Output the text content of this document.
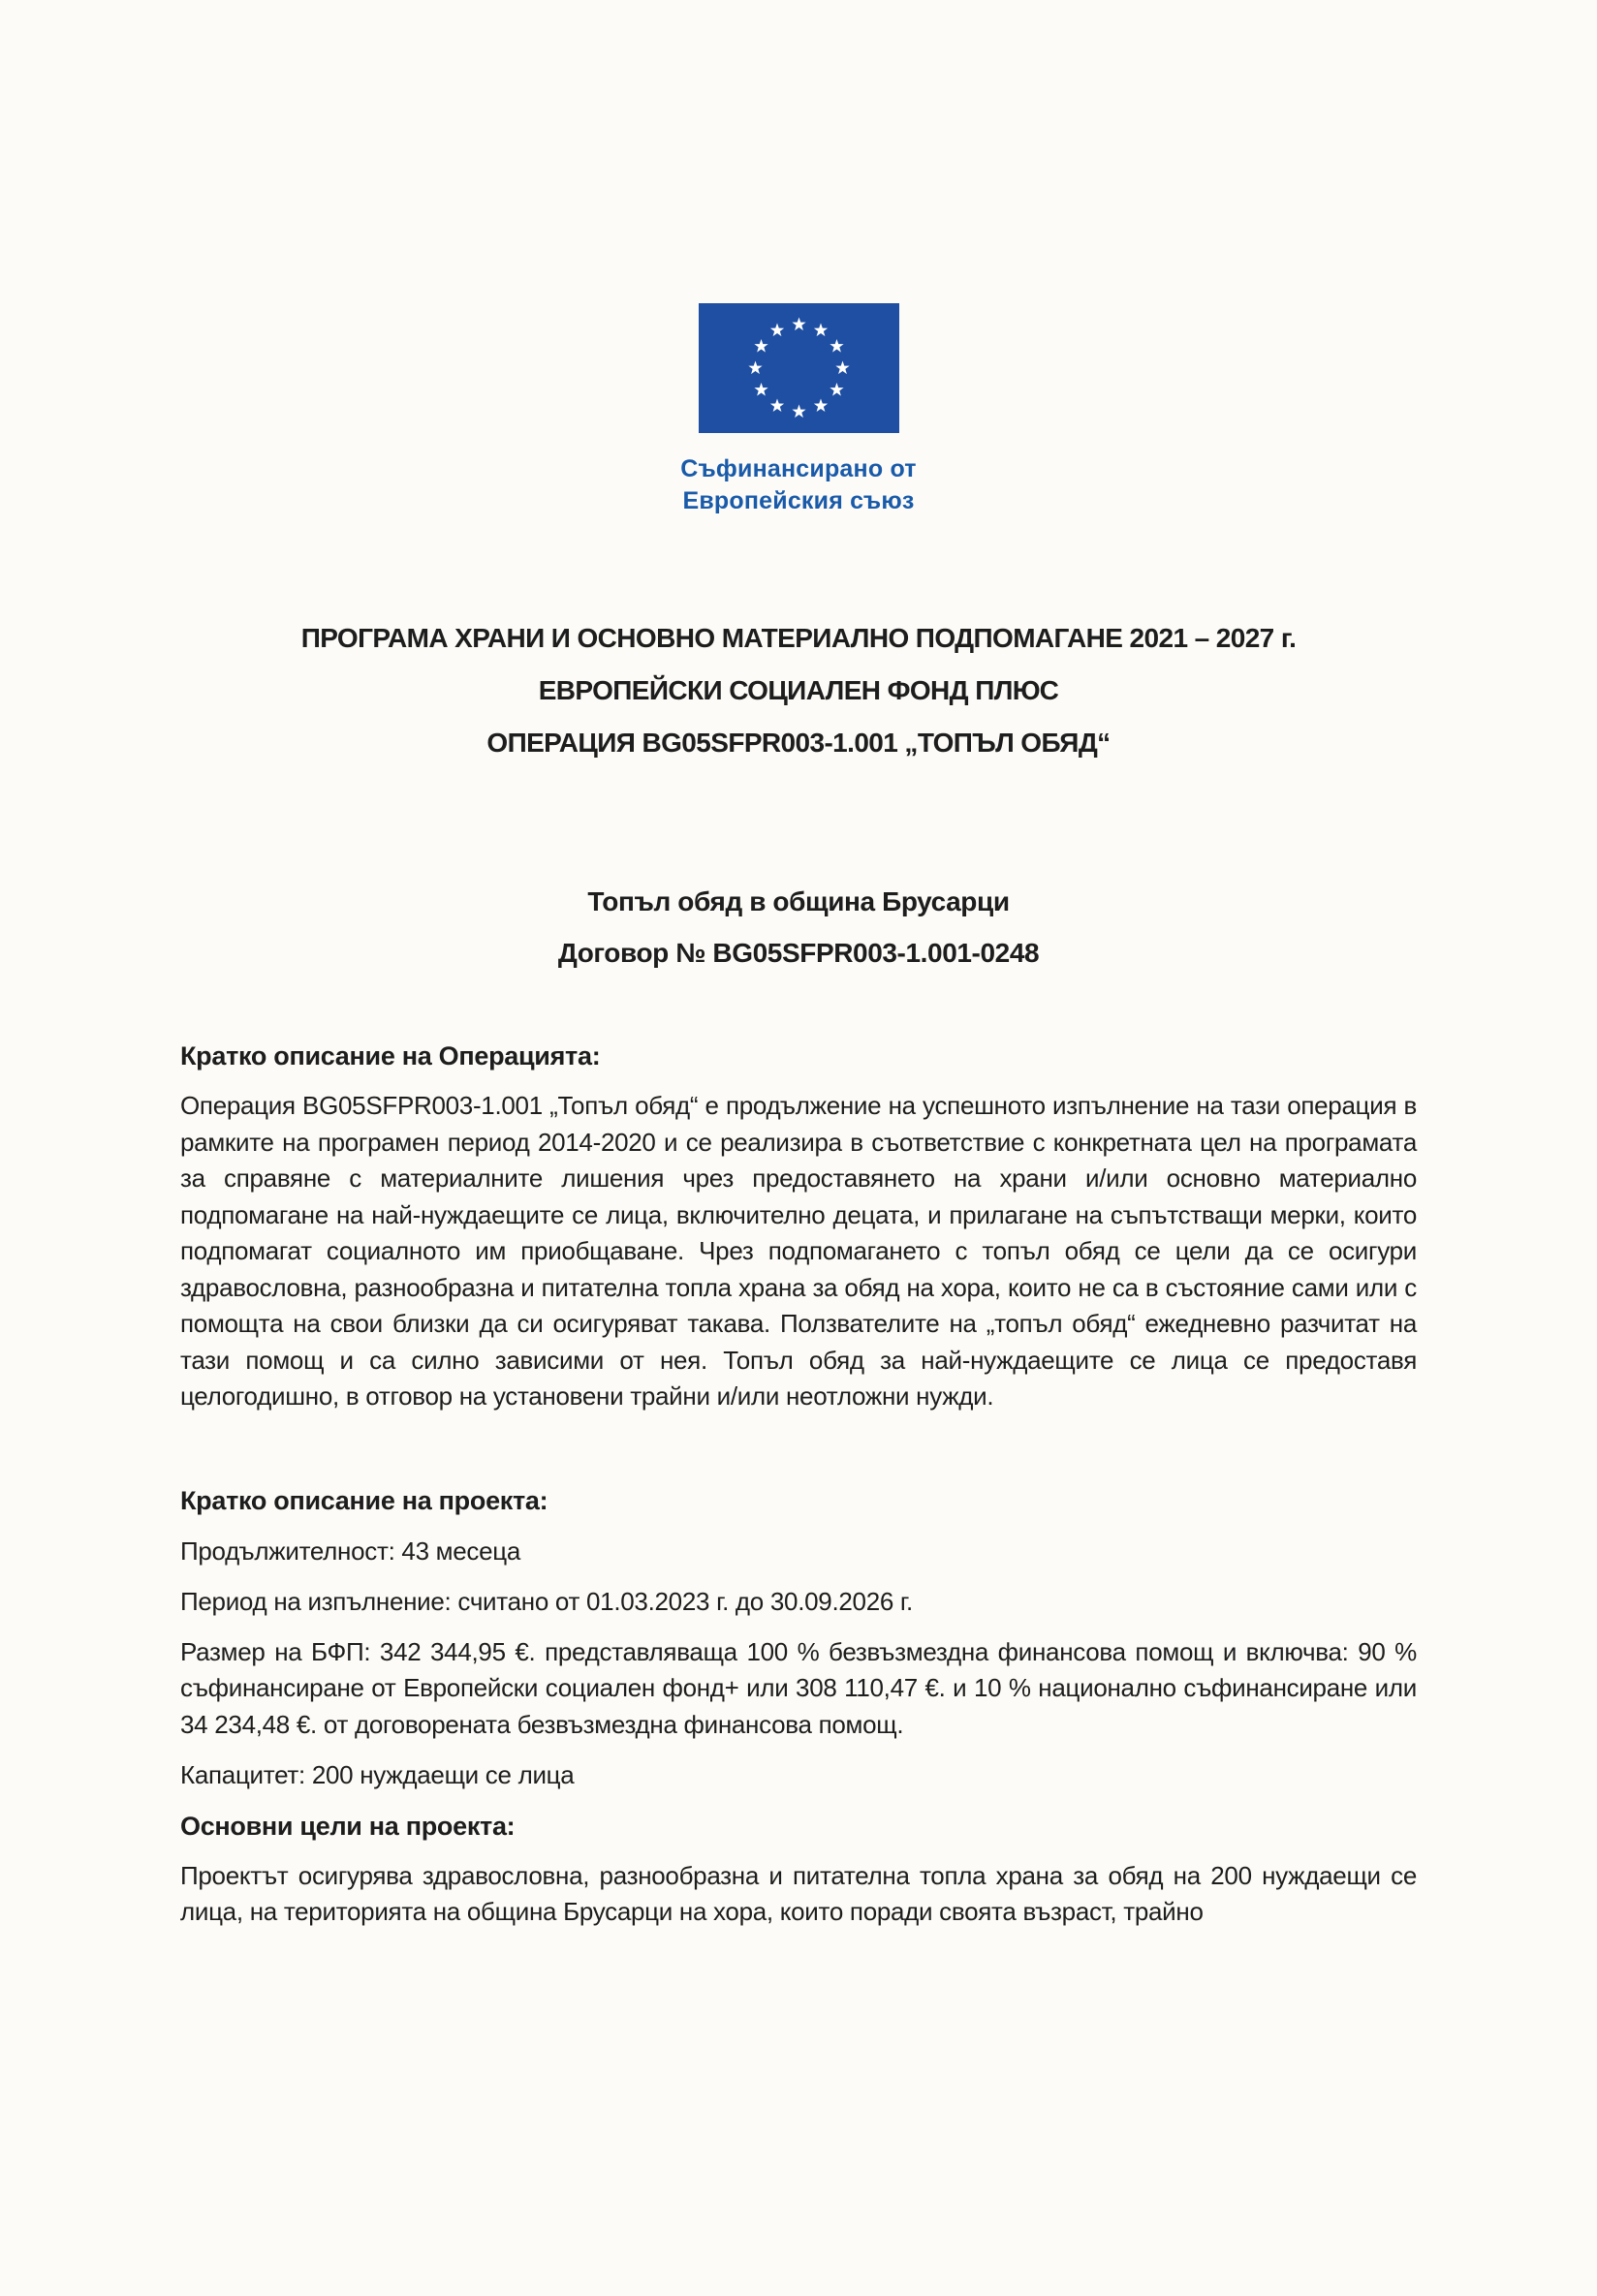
Съфинансирано от
Европейския съюз
ПРОГРАМА ХРАНИ И ОСНОВНО МАТЕРИАЛНО ПОДПОМАГАНЕ 2021 – 2027 г.
ЕВРОПЕЙСКИ СОЦИАЛЕН ФОНД ПЛЮС
ОПЕРАЦИЯ BG05SFPR003-1.001 „ТОПЪЛ ОБЯД“
Топъл обяд в община Брусарци
Договор № BG05SFPR003-1.001-0248
Кратко описание на Операцията:

Операция BG05SFPR003-1.001 „Топъл обяд“ е продължение на успешното изпълнение на тази операция в рамките на програмен период 2014-2020 и се реализира в съответствие с конкретната цел на програмата за справяне с материалните лишения чрез предоставянето на храни и/или основно материално подпомагане на най-нуждаещите се лица, включително децата, и прилагане на съпътстващи мерки, които подпомагат социалното им приобщаване. Чрез подпомагането с топъл обяд се цели да се осигури здравословна, разнообразна и питателна топла храна за обяд на хора, които не са в състояние сами или с помощта на свои близки да си осигуряват такава. Ползвателите на „топъл обяд“ ежедневно разчитат на тази помощ и са силно зависими от нея. Топъл обяд за най-нуждаещите се лица се предоставя целогодишно, в отговор на установени трайни и/или неотложни нужди.

Кратко описание на проекта:

Продължителност: 43 месеца

Период на изпълнение: считано от 01.03.2023 г. до 30.09.2026 г.

Размер на БФП: 342 344,95 €. представляваща 100 % безвъзмездна финансова помощ и включва: 90 % съфинансиране от Европейски социален фонд+ или 308 110,47 €. и 10 % национално съфинансиране или 34 234,48 €. от договорената безвъзмездна финансова помощ.

Капацитет: 200 нуждаещи се лица

Основни цели на проекта:

Проектът осигурява здравословна, разнообразна и питателна топла храна за обяд на 200 нуждаещи се лица, на територията на община Брусарци на хора, които поради своята възраст, трайно
